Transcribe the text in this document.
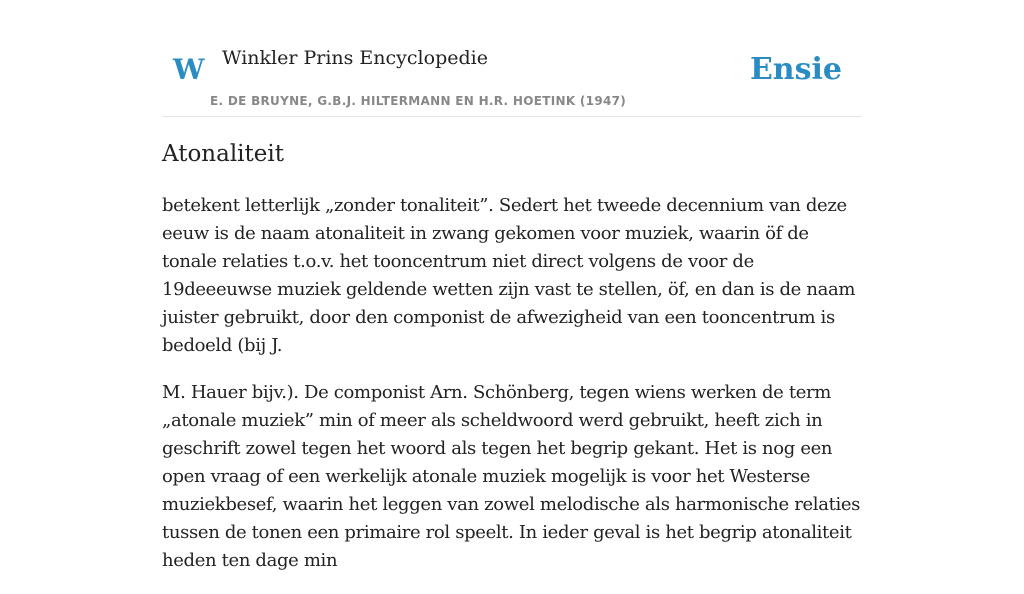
W Winkler Prins Encyclopedie
E. DE BRUYNE, G.B.J. HILTERMANN EN H.R. HOETINK (1947)
Ensie
Atonaliteit

betekent letterlijk „zonder tonaliteit”. Sedert het tweede decennium van deze eeuw is de naam atonaliteit in zwang gekomen voor muziek, waarin öf de tonale relaties t.o.v. het tooncentrum niet direct volgens de voor de 19deeeuwse muziek geldende wetten zijn vast te stellen, öf, en dan is de naam juister gebruikt, door den componist de afwezigheid van een tooncentrum is bedoeld (bij J.

M. Hauer bijv.). De componist Arn. Schönberg, tegen wiens werken de term „atonale muziek” min of meer als scheldwoord werd gebruikt, heeft zich in geschrift zowel tegen het woord als tegen het begrip gekant. Het is nog een open vraag of een werkelijk atonale muziek mogelijk is voor het Westerse muziekbesef, waarin het leggen van zowel melodische als harmonische relaties tussen de tonen een primaire rol speelt. In ieder geval is het begrip atonaliteit heden ten dage min
